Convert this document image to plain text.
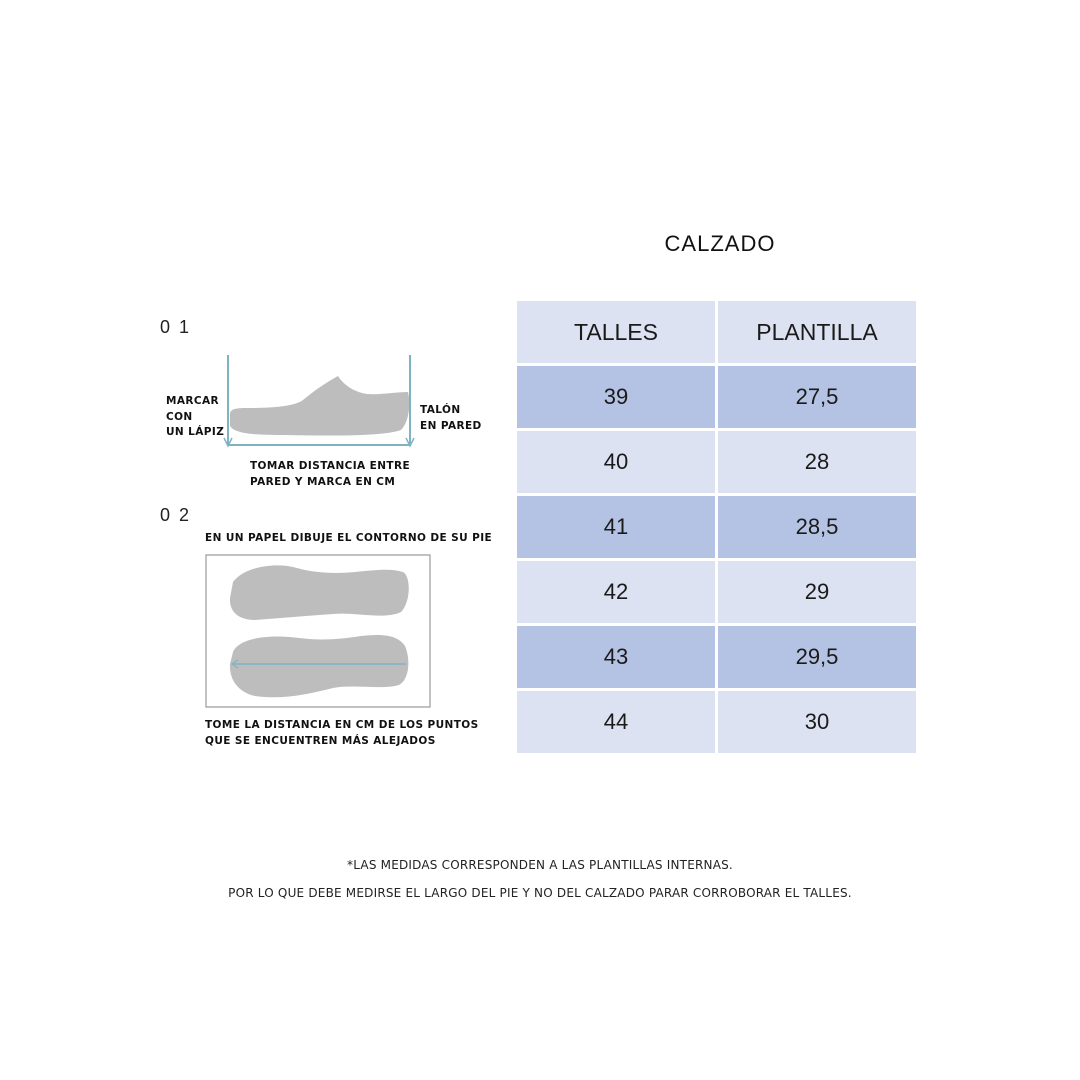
CALZADO
0 1
MARCAR
CON
UN LÁPIZ
TALÓN
EN PARED
TOMAR DISTANCIA ENTRE
PARED Y MARCA EN CM
0 2
EN UN PAPEL DIBUJE EL CONTORNO DE SU PIE
TOME LA DISTANCIA EN CM DE LOS PUNTOS
QUE SE ENCUENTREN MÁS ALEJADOS
TALLES	PLANTILLA
39	27,5
40	28
41	28,5
42	29
43	29,5
44	30
*LAS MEDIDAS CORRESPONDEN A LAS PLANTILLAS INTERNAS.
POR LO QUE DEBE MEDIRSE EL LARGO DEL PIE Y NO DEL CALZADO PARAR CORROBORAR EL TALLES.
